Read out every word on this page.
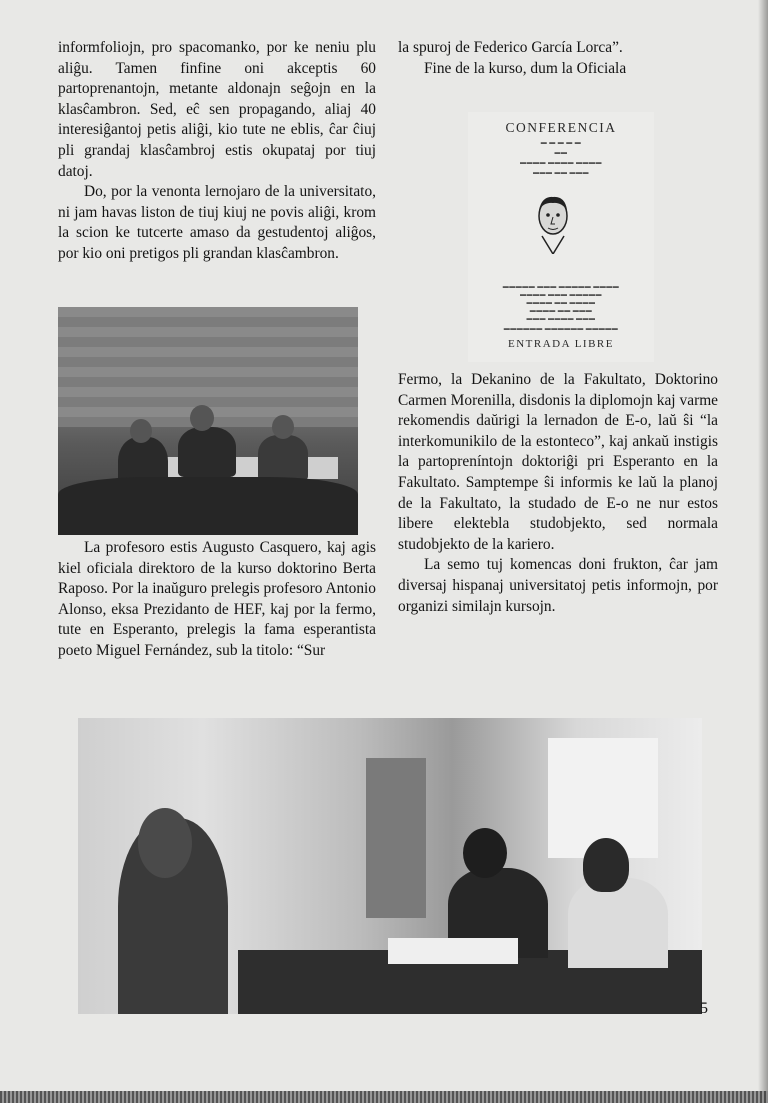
informfoliojn, pro spacomanko, por ke neniu plu aliĝu. Tamen finfine oni akceptis 60 partoprenantojn, metante aldonajn seĝojn en la klasĉambron. Sed, eĉ sen propagando, aliaj 40 interesiĝantoj petis aliĝi, kio tute ne eblis, ĉar ĉiuj pli grandaj klasĉambroj estis okupataj por tiuj datoj.

Do, por la venonta lernojaro de la universitato, ni jam havas liston de tiuj kiuj ne povis aliĝi, krom la scion ke tutcerte amaso da gestudentoj aliĝos, por kio oni pretigos pli grandan klasĉambron.

La profesoro estis Augusto Casquero, kaj agis kiel oficiala direktoro de la kurso doktorino Berta Raposo. Por la inaŭguro prelegis profesoro Antonio Alonso, eksa Prezidanto de HEF, kaj por la fermo, tute en Esperanto, prelegis la fama esperantista poeto Miguel Fernández, sub la titolo: “Sur

la spuroj de Federico García Lorca”.

Fine de la kurso, dum la Oficiala

CONFERENCIA
▬ ▬ ▬ ▬ ▬
▬▬
▬▬▬▬ ▬▬▬▬ ▬▬▬▬
▬▬▬ ▬▬ ▬▬▬
▬▬▬▬▬ ▬▬▬ ▬▬▬▬▬ ▬▬▬▬
▬▬▬▬ ▬▬▬ ▬▬▬▬▬
▬▬▬▬ ▬▬ ▬▬▬▬
▬▬▬▬ ▬▬ ▬▬▬
▬▬▬ ▬▬▬▬ ▬▬▬
▬▬▬▬▬▬ ▬▬▬▬▬▬ ▬▬▬▬▬
ENTRADA LIBRE

Fermo, la Dekanino de la Fakultato, Doktorino Carmen Morenilla, disdonis la diplomojn kaj varme rekomendis daŭrigi la lernadon de E-o, laŭ ŝi “la interkomunikilo de la estonteco”, kaj ankaŭ instigis la partopreníntojn doktoriĝi pri Esperanto en la Fakultato. Samptempe ŝi informis ke laŭ la planoj de la Fakultato, la studado de E-o ne nur estos libere elektebla studobjekto, sed normala studobjekto de la kariero.

La semo tuj komencas doni frukton, ĉar jam diversaj hispanaj universitatoj petis informojn, por organizi similajn kursojn.

5
